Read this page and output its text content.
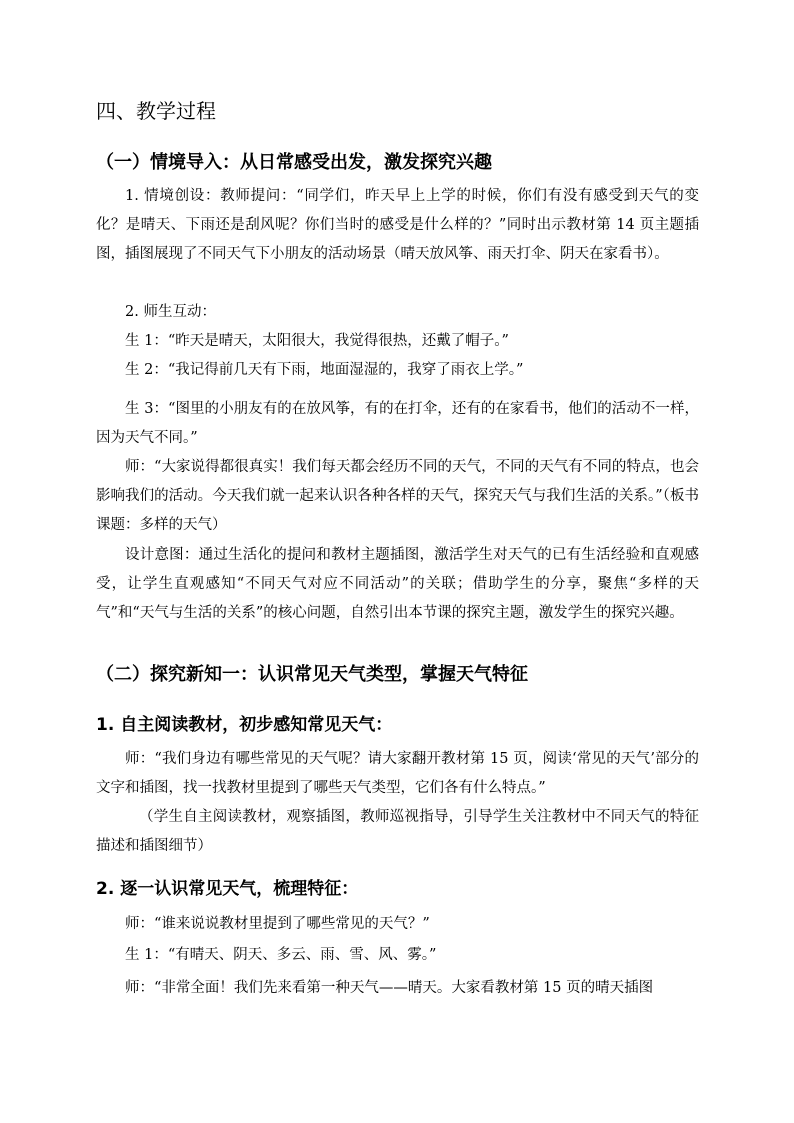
四、教学过程
（一）情境导入：从日常感受出发，激发探究兴趣

1. 情境创设：教师提问：“同学们，昨天早上上学的时候，你们有没有感受到天气的变化？是晴天、下雨还是刮风呢？你们当时的感受是什么样的？”同时出示教材第 14 页主题插图，插图展现了不同天气下小朋友的活动场景（晴天放风筝、雨天打伞、阴天在家看书）。

2. 师生互动：

生 1：“昨天是晴天，太阳很大，我觉得很热，还戴了帽子。”

生 2：“我记得前几天有下雨，地面湿湿的，我穿了雨衣上学。”

生 3：“图里的小朋友有的在放风筝，有的在打伞，还有的在家看书，他们的活动不一样，因为天气不同。”

师：“大家说得都很真实！我们每天都会经历不同的天气，不同的天气有不同的特点，也会影响我们的活动。今天我们就一起来认识各种各样的天气，探究天气与我们生活的关系。”（板书课题：多样的天气）

设计意图：通过生活化的提问和教材主题插图，激活学生对天气的已有生活经验和直观感受，让学生直观感知“不同天气对应不同活动”的关联；借助学生的分享，聚焦“多样的天气”和“天气与生活的关系”的核心问题，自然引出本节课的探究主题，激发学生的探究兴趣。

（二）探究新知一：认识常见天气类型，掌握天气特征
1. 自主阅读教材，初步感知常见天气：

师：“我们身边有哪些常见的天气呢？请大家翻开教材第 15 页，阅读‘常见的天气’部分的文字和插图，找一找教材里提到了哪些天气类型，它们各有什么特点。”

（学生自主阅读教材，观察插图，教师巡视指导，引导学生关注教材中不同天气的特征描述和插图细节）

2. 逐一认识常见天气，梳理特征：

师：“谁来说说教材里提到了哪些常见的天气？”

生 1：“有晴天、阴天、多云、雨、雪、风、雾。”

师：“非常全面！我们先来看第一种天气——晴天。大家看教材第 15 页的晴天插图
